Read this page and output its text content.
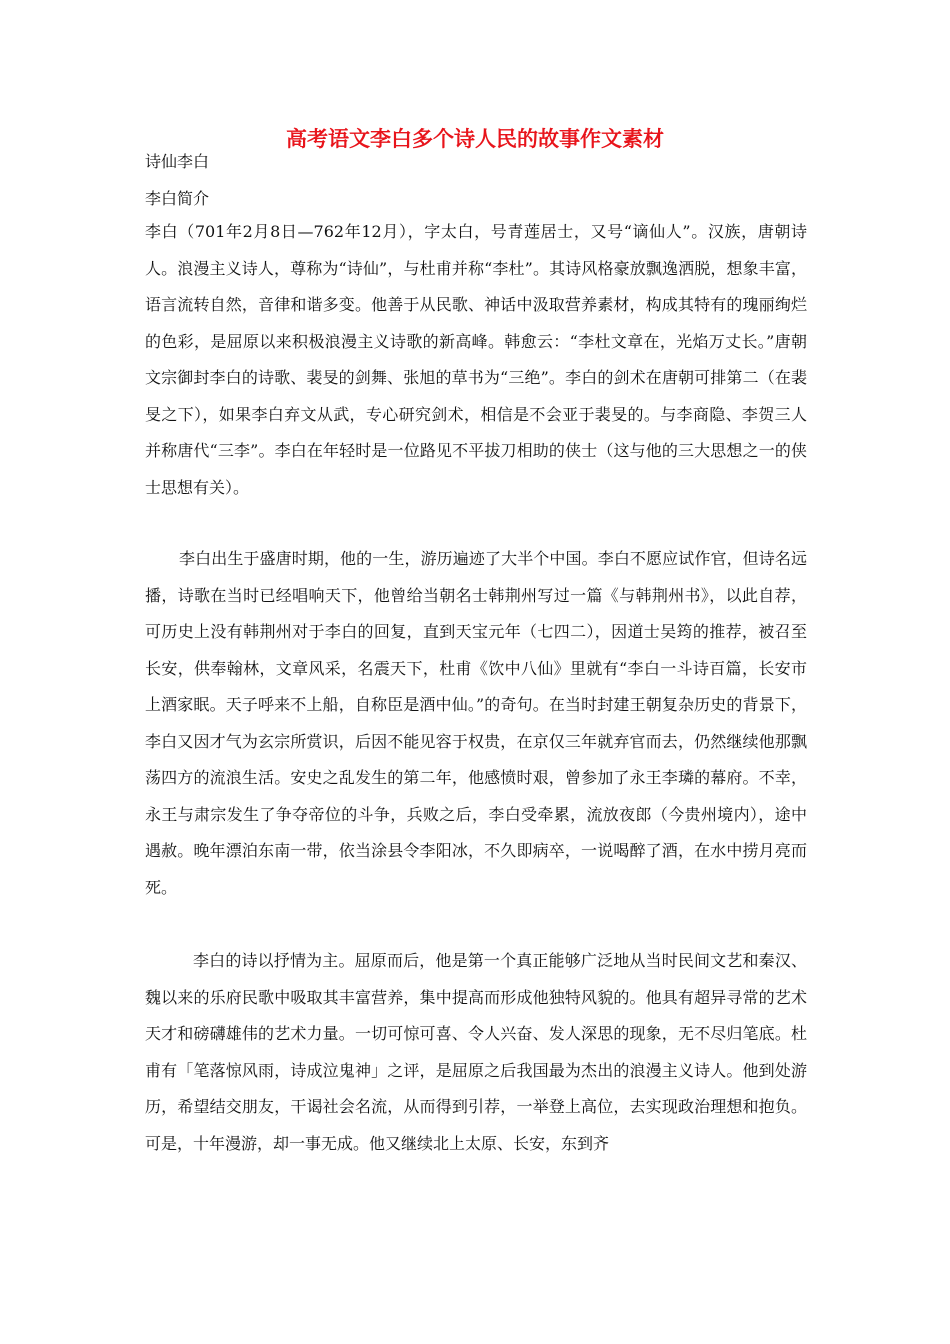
高考语文李白多个诗人民的故事作文素材
诗仙李白
李白简介

李白（701年2月8日—762年12月），字太白，号青莲居士，又号“谪仙人”。汉族，唐朝诗人。浪漫主义诗人，尊称为“诗仙”，与杜甫并称“李杜”。其诗风格豪放飘逸洒脱，想象丰富，语言流转自然，音律和谐多变。他善于从民歌、神话中汲取营养素材，构成其特有的瑰丽绚烂的色彩，是屈原以来积极浪漫主义诗歌的新高峰。韩愈云：“李杜文章在，光焰万丈长。”唐朝文宗御封李白的诗歌、裴旻的剑舞、张旭的草书为“三绝”。李白的剑术在唐朝可排第二（在裴旻之下），如果李白弃文从武，专心研究剑术，相信是不会亚于裴旻的。与李商隐、李贺三人并称唐代“三李”。李白在年轻时是一位路见不平拔刀相助的侠士（这与他的三大思想之一的侠士思想有关）。

李白出生于盛唐时期，他的一生，游历遍迹了大半个中国。李白不愿应试作官，但诗名远播，诗歌在当时已经唱响天下，他曾给当朝名士韩荆州写过一篇《与韩荆州书》，以此自荐，可历史上没有韩荆州对于李白的回复，直到天宝元年（七四二），因道士吴筠的推荐，被召至长安，供奉翰林，文章风采，名震天下，杜甫《饮中八仙》里就有“李白一斗诗百篇，长安市上酒家眠。天子呼来不上船，自称臣是酒中仙。”的奇句。在当时封建王朝复杂历史的背景下，李白又因才气为玄宗所赏识，后因不能见容于权贵，在京仅三年就弃官而去，仍然继续他那飘荡四方的流浪生活。安史之乱发生的第二年，他感愤时艰，曾参加了永王李璘的幕府。不幸，永王与肃宗发生了争夺帝位的斗争，兵败之后，李白受牵累，流放夜郎（今贵州境内），途中遇赦。晚年漂泊东南一带，依当涂县令李阳冰，不久即病卒，一说喝醉了酒，在水中捞月亮而死。

李白的诗以抒情为主。屈原而后，他是第一个真正能够广泛地从当时民间文艺和秦汉、魏以来的乐府民歌中吸取其丰富营养，集中提高而形成他独特风貌的。他具有超异寻常的艺术天才和磅礴雄伟的艺术力量。一切可惊可喜、令人兴奋、发人深思的现象，无不尽归笔底。杜甫有「笔落惊风雨，诗成泣鬼神」之评，是屈原之后我国最为杰出的浪漫主义诗人。他到处游历，希望结交朋友，干谒社会名流，从而得到引荐，一举登上高位，去实现政治理想和抱负。可是，十年漫游，却一事无成。他又继续北上太原、长安，东到齐
